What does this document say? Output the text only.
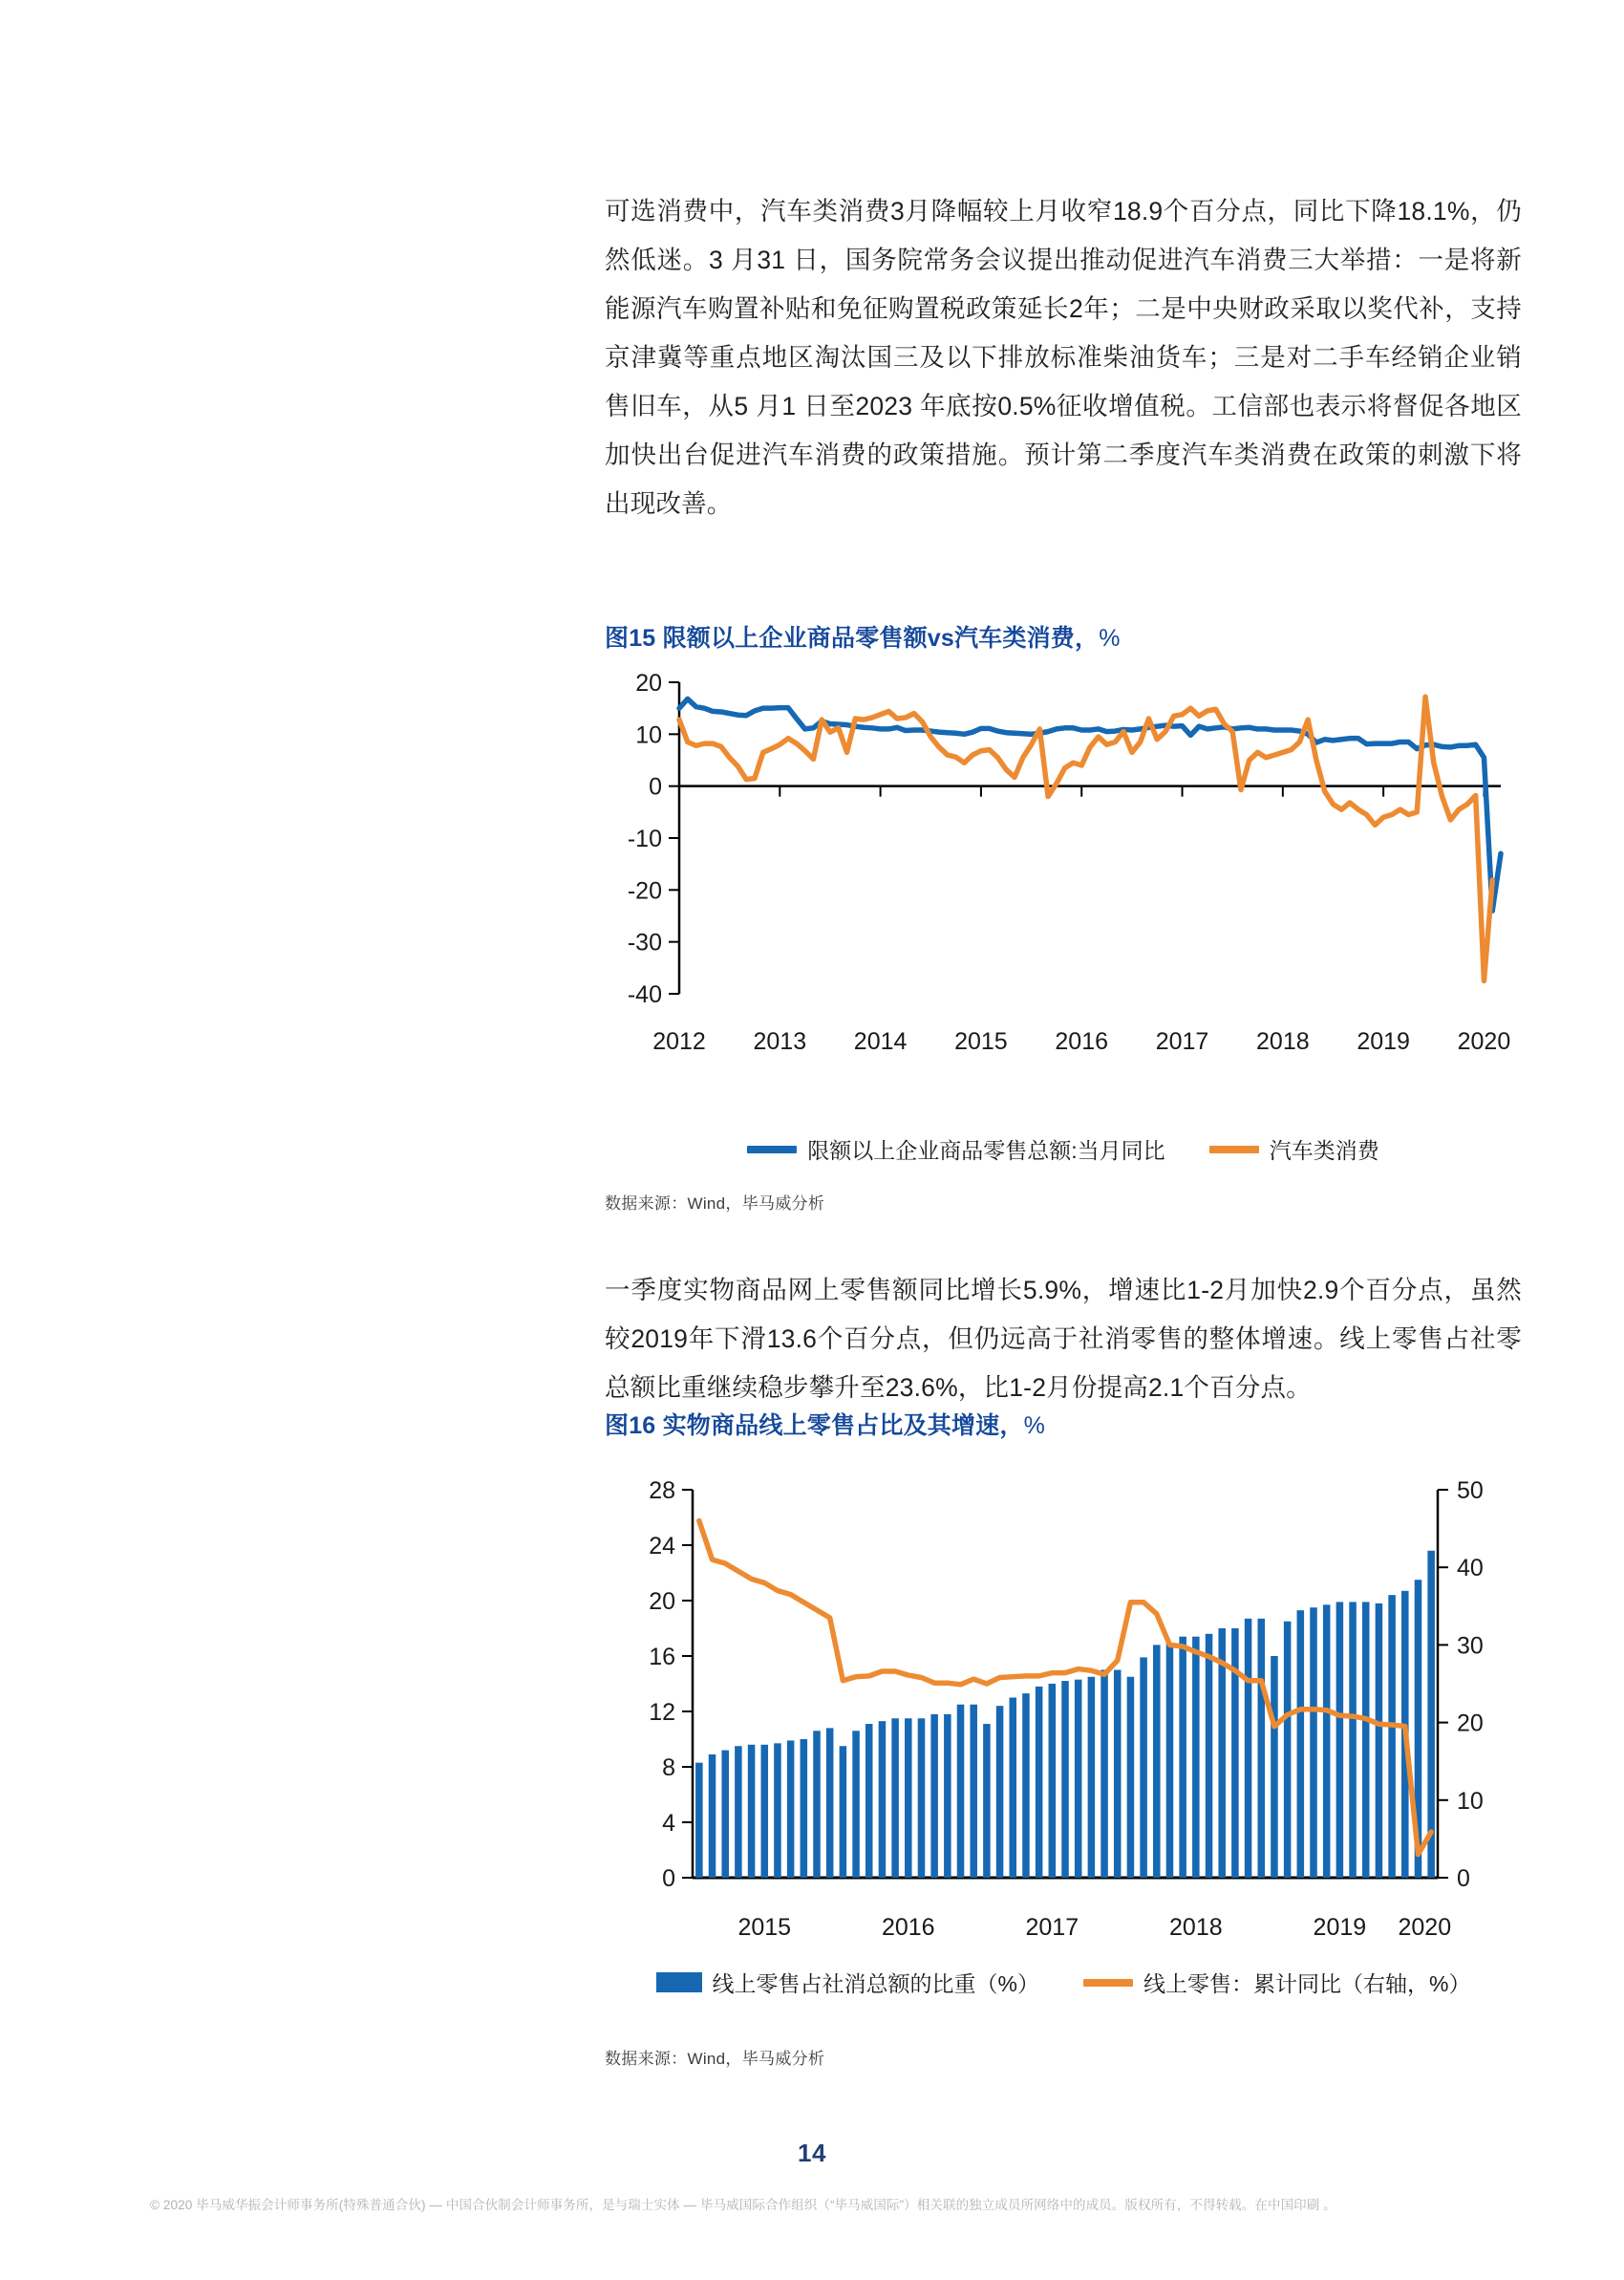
可选消费中，汽车类消费3月降幅较上月收窄18.9个百分点，同比下降18.1%，仍然低迷。3 月31 日，国务院常务会议提出推动促进汽车消费三大举措：一是将新能源汽车购置补贴和免征购置税政策延长2年；二是中央财政采取以奖代补，支持京津冀等重点地区淘汰国三及以下排放标准柴油货车；三是对二手车经销企业销售旧车，从5 月1 日至2023 年底按0.5%征收增值税。工信部也表示将督促各地区加快出台促进汽车消费的政策措施。预计第二季度汽车类消费在政策的刺激下将出现改善。

图15 限额以上企业商品零售额vs汽车类消费，%

20
10
0
-10
-20
-30
-40
2012 2013 2014 2015 2016 2017 2018 2019 2020
限额以上企业商品零售总额:当月同比	汽车类消费

数据来源：Wind，毕马威分析

一季度实物商品网上零售额同比增长5.9%，增速比1-2月加快2.9个百分点，虽然较2019年下滑13.6个百分点，但仍远高于社消零售的整体增速。线上零售占社零总额比重继续稳步攀升至23.6%，比1-2月份提高2.1个百分点。

图16 实物商品线上零售占比及其增速，%

0
4
8
12
16
20
24
28
0
10
20
30
40
50
2015	2016	2017	2018	2019 2020
线上零售占社消总额的比重（%）	线上零售：累计同比（右轴，%）

数据来源：Wind，毕马威分析

14
© 2020 毕马威华振会计师事务所(特殊普通合伙) — 中国合伙制会计师事务所，是与瑞士实体 — 毕马威国际合作组织（“毕马威国际”）相关联的独立成员所网络中的成员。版权所有，不得转载。在中国印刷 。
